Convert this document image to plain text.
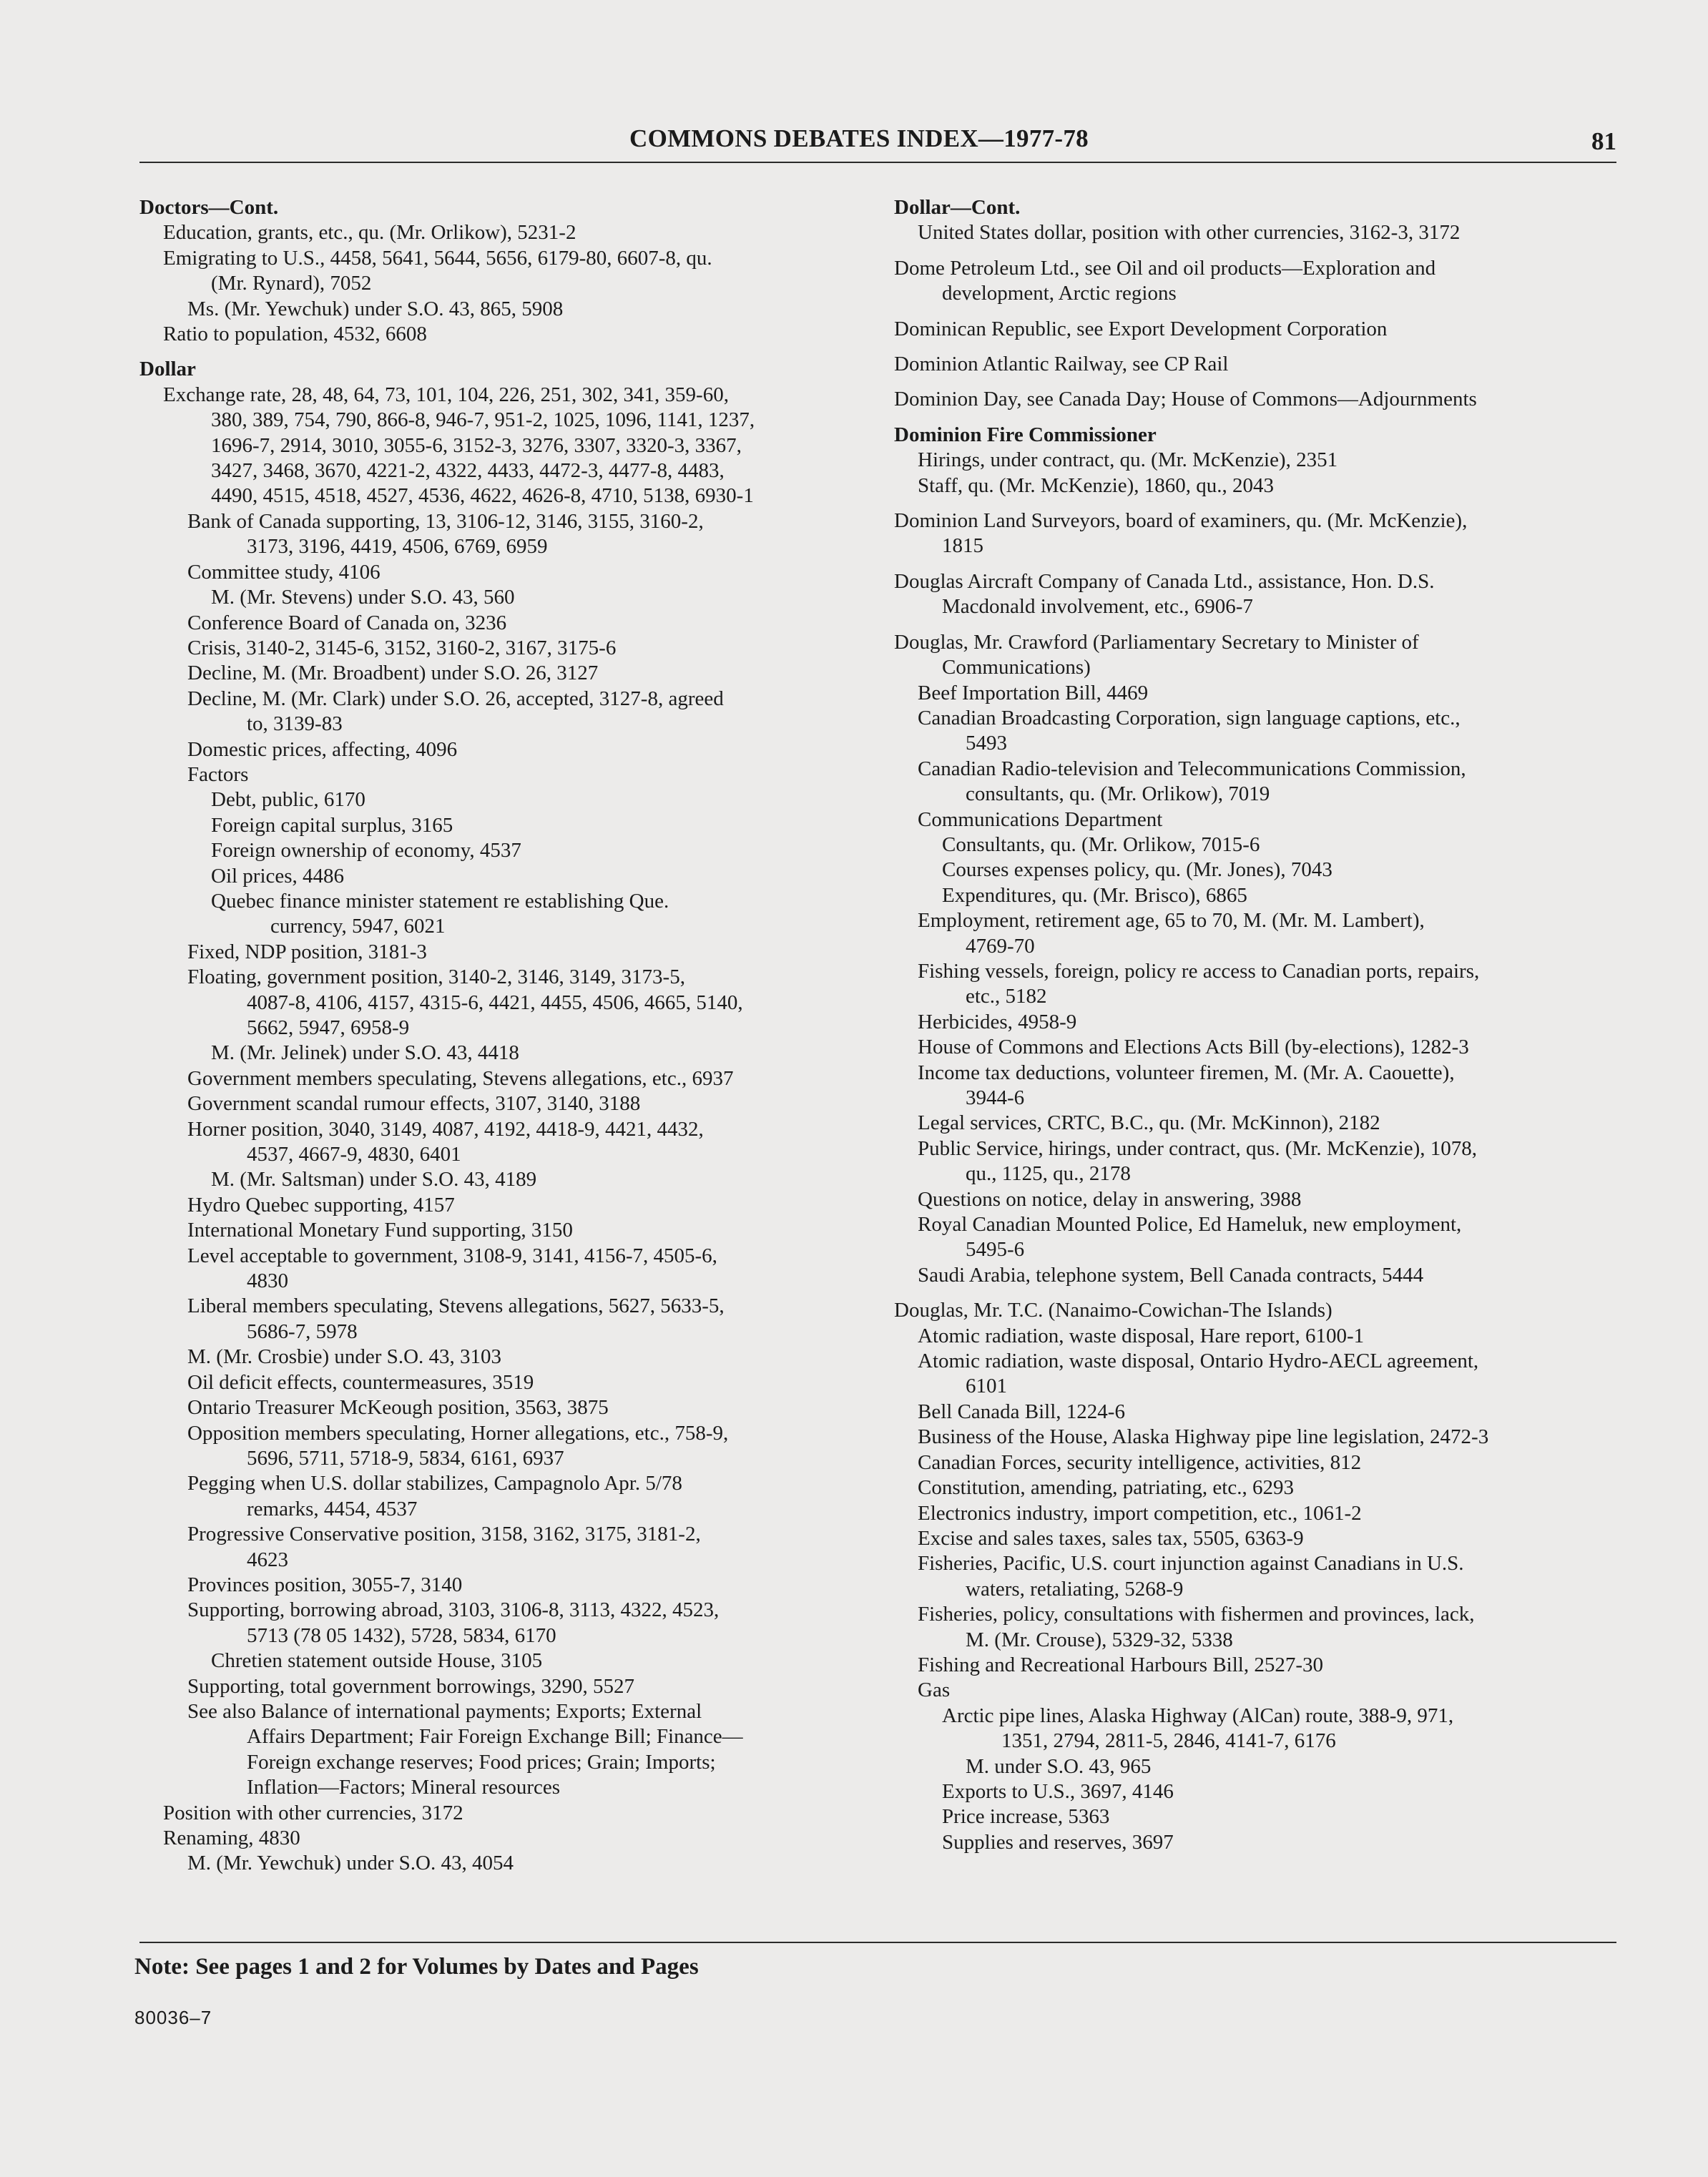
COMMONS DEBATES INDEX—1977-78	81
Doctors—Cont.
Education, grants, etc., qu. (Mr. Orlikow), 5231-2
Emigrating to U.S., 4458, 5641, 5644, 5656, 6179-80, 6607-8, qu.
(Mr. Rynard), 7052
Ms. (Mr. Yewchuk) under S.O. 43, 865, 5908
Ratio to population, 4532, 6608
Dollar
Exchange rate, 28, 48, 64, 73, 101, 104, 226, 251, 302, 341, 359-60,
380, 389, 754, 790, 866-8, 946-7, 951-2, 1025, 1096, 1141, 1237,
1696-7, 2914, 3010, 3055-6, 3152-3, 3276, 3307, 3320-3, 3367,
3427, 3468, 3670, 4221-2, 4322, 4433, 4472-3, 4477-8, 4483,
4490, 4515, 4518, 4527, 4536, 4622, 4626-8, 4710, 5138, 6930-1
Bank of Canada supporting, 13, 3106-12, 3146, 3155, 3160-2,
3173, 3196, 4419, 4506, 6769, 6959
Committee study, 4106
M. (Mr. Stevens) under S.O. 43, 560
Conference Board of Canada on, 3236
Crisis, 3140-2, 3145-6, 3152, 3160-2, 3167, 3175-6
Decline, M. (Mr. Broadbent) under S.O. 26, 3127
Decline, M. (Mr. Clark) under S.O. 26, accepted, 3127-8, agreed
to, 3139-83
Domestic prices, affecting, 4096
Factors
Debt, public, 6170
Foreign capital surplus, 3165
Foreign ownership of economy, 4537
Oil prices, 4486
Quebec finance minister statement re establishing Que.
currency, 5947, 6021
Fixed, NDP position, 3181-3
Floating, government position, 3140-2, 3146, 3149, 3173-5,
4087-8, 4106, 4157, 4315-6, 4421, 4455, 4506, 4665, 5140,
5662, 5947, 6958-9
M. (Mr. Jelinek) under S.O. 43, 4418
Government members speculating, Stevens allegations, etc., 6937
Government scandal rumour effects, 3107, 3140, 3188
Horner position, 3040, 3149, 4087, 4192, 4418-9, 4421, 4432,
4537, 4667-9, 4830, 6401
M. (Mr. Saltsman) under S.O. 43, 4189
Hydro Quebec supporting, 4157
International Monetary Fund supporting, 3150
Level acceptable to government, 3108-9, 3141, 4156-7, 4505-6,
4830
Liberal members speculating, Stevens allegations, 5627, 5633-5,
5686-7, 5978
M. (Mr. Crosbie) under S.O. 43, 3103
Oil deficit effects, countermeasures, 3519
Ontario Treasurer McKeough position, 3563, 3875
Opposition members speculating, Horner allegations, etc., 758-9,
5696, 5711, 5718-9, 5834, 6161, 6937
Pegging when U.S. dollar stabilizes, Campagnolo Apr. 5/78
remarks, 4454, 4537
Progressive Conservative position, 3158, 3162, 3175, 3181-2,
4623
Provinces position, 3055-7, 3140
Supporting, borrowing abroad, 3103, 3106-8, 3113, 4322, 4523,
5713 (78 05 1432), 5728, 5834, 6170
Chretien statement outside House, 3105
Supporting, total government borrowings, 3290, 5527
See also Balance of international payments; Exports; External
Affairs Department; Fair Foreign Exchange Bill; Finance—
Foreign exchange reserves; Food prices; Grain; Imports;
Inflation—Factors; Mineral resources
Position with other currencies, 3172
Renaming, 4830
M. (Mr. Yewchuk) under S.O. 43, 4054
Dollar—Cont.
United States dollar, position with other currencies, 3162-3, 3172
Dome Petroleum Ltd., see Oil and oil products—Exploration and
development, Arctic regions
Dominican Republic, see Export Development Corporation
Dominion Atlantic Railway, see CP Rail
Dominion Day, see Canada Day; House of Commons—Adjournments
Dominion Fire Commissioner
Hirings, under contract, qu. (Mr. McKenzie), 2351
Staff, qu. (Mr. McKenzie), 1860, qu., 2043
Dominion Land Surveyors, board of examiners, qu. (Mr. McKenzie),
1815
Douglas Aircraft Company of Canada Ltd., assistance, Hon. D.S.
Macdonald involvement, etc., 6906-7
Douglas, Mr. Crawford (Parliamentary Secretary to Minister of
Communications)
Beef Importation Bill, 4469
Canadian Broadcasting Corporation, sign language captions, etc.,
5493
Canadian Radio-television and Telecommunications Commission,
consultants, qu. (Mr. Orlikow), 7019
Communications Department
Consultants, qu. (Mr. Orlikow, 7015-6
Courses expenses policy, qu. (Mr. Jones), 7043
Expenditures, qu. (Mr. Brisco), 6865
Employment, retirement age, 65 to 70, M. (Mr. M. Lambert),
4769-70
Fishing vessels, foreign, policy re access to Canadian ports, repairs,
etc., 5182
Herbicides, 4958-9
House of Commons and Elections Acts Bill (by-elections), 1282-3
Income tax deductions, volunteer firemen, M. (Mr. A. Caouette),
3944-6
Legal services, CRTC, B.C., qu. (Mr. McKinnon), 2182
Public Service, hirings, under contract, qus. (Mr. McKenzie), 1078,
qu., 1125, qu., 2178
Questions on notice, delay in answering, 3988
Royal Canadian Mounted Police, Ed Hameluk, new employment,
5495-6
Saudi Arabia, telephone system, Bell Canada contracts, 5444
Douglas, Mr. T.C. (Nanaimo-Cowichan-The Islands)
Atomic radiation, waste disposal, Hare report, 6100-1
Atomic radiation, waste disposal, Ontario Hydro-AECL agreement,
6101
Bell Canada Bill, 1224-6
Business of the House, Alaska Highway pipe line legislation, 2472-3
Canadian Forces, security intelligence, activities, 812
Constitution, amending, patriating, etc., 6293
Electronics industry, import competition, etc., 1061-2
Excise and sales taxes, sales tax, 5505, 6363-9
Fisheries, Pacific, U.S. court injunction against Canadians in U.S.
waters, retaliating, 5268-9
Fisheries, policy, consultations with fishermen and provinces, lack,
M. (Mr. Crouse), 5329-32, 5338
Fishing and Recreational Harbours Bill, 2527-30
Gas
Arctic pipe lines, Alaska Highway (AlCan) route, 388-9, 971,
1351, 2794, 2811-5, 2846, 4141-7, 6176
M. under S.O. 43, 965
Exports to U.S., 3697, 4146
Price increase, 5363
Supplies and reserves, 3697
Note: See pages 1 and 2 for Volumes by Dates and Pages
80036–7
